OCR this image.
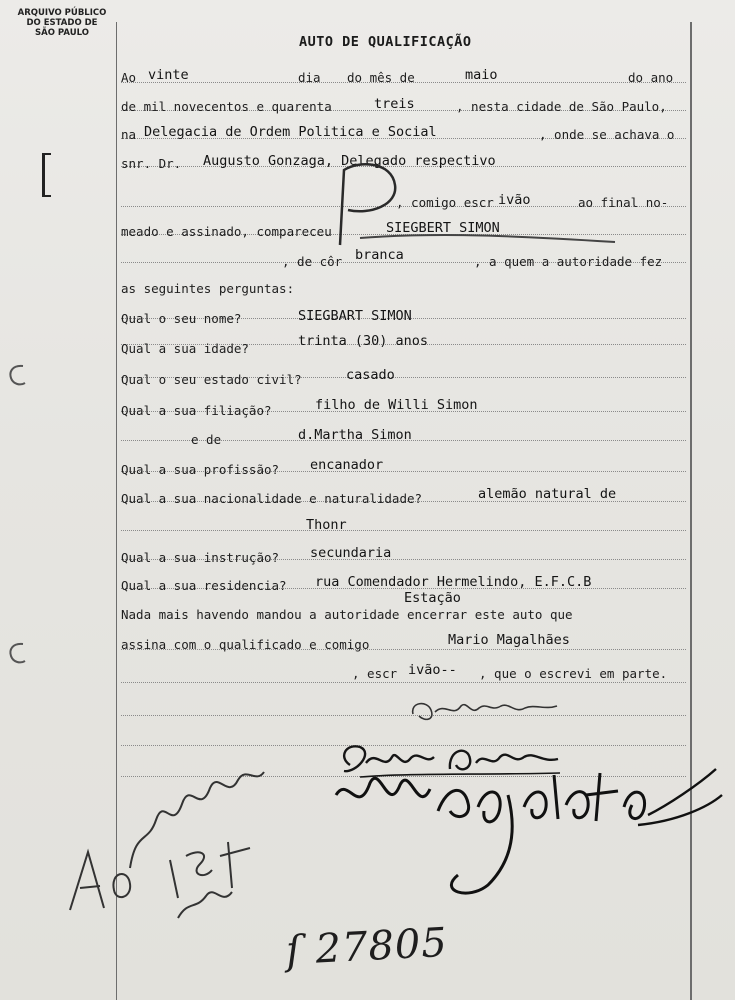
ARQUIVO PÚBLICO
DO ESTADO DE
SÃO PAULO
AUTO DE QUALIFICAÇÃO
Ao vinte	dia do mês de	maio	do ano
de mil novecentos e quarenta	treis	, nesta cidade de São Paulo,
na Delegacia de Ordem Politica e Social	, onde se achava o
snr. Dr. Augusto Gonzaga, Delegado respectivo
, comigo escr ivão	ao final no-
meado e assinado, compareceu	SIEGBERT SIMON
, de côr branca	, a quem a autoridade fez
as seguintes perguntas:
Qual o seu nome?	SIEGBART SIMON
Qual a sua idade?	trinta (30) anos
Qual o seu estado civil?	casado
Qual a sua filiação?	filho de Willi Simon
e de	d.Martha Simon
Qual a sua profissão? encanador
Qual a sua nacionalidade e naturalidade?	alemão natural de
Thonr
Qual a sua instrução? secundaria
Qual a sua residencia? rua Comendador Hermelindo, E.F.C.B
Estação
Nada mais havendo mandou a autoridade encerrar este auto que
assina com o qualificado e comigo	Mario Magalhães
, escr ivão-- , que o escrevi em parte.
ſ 27805
